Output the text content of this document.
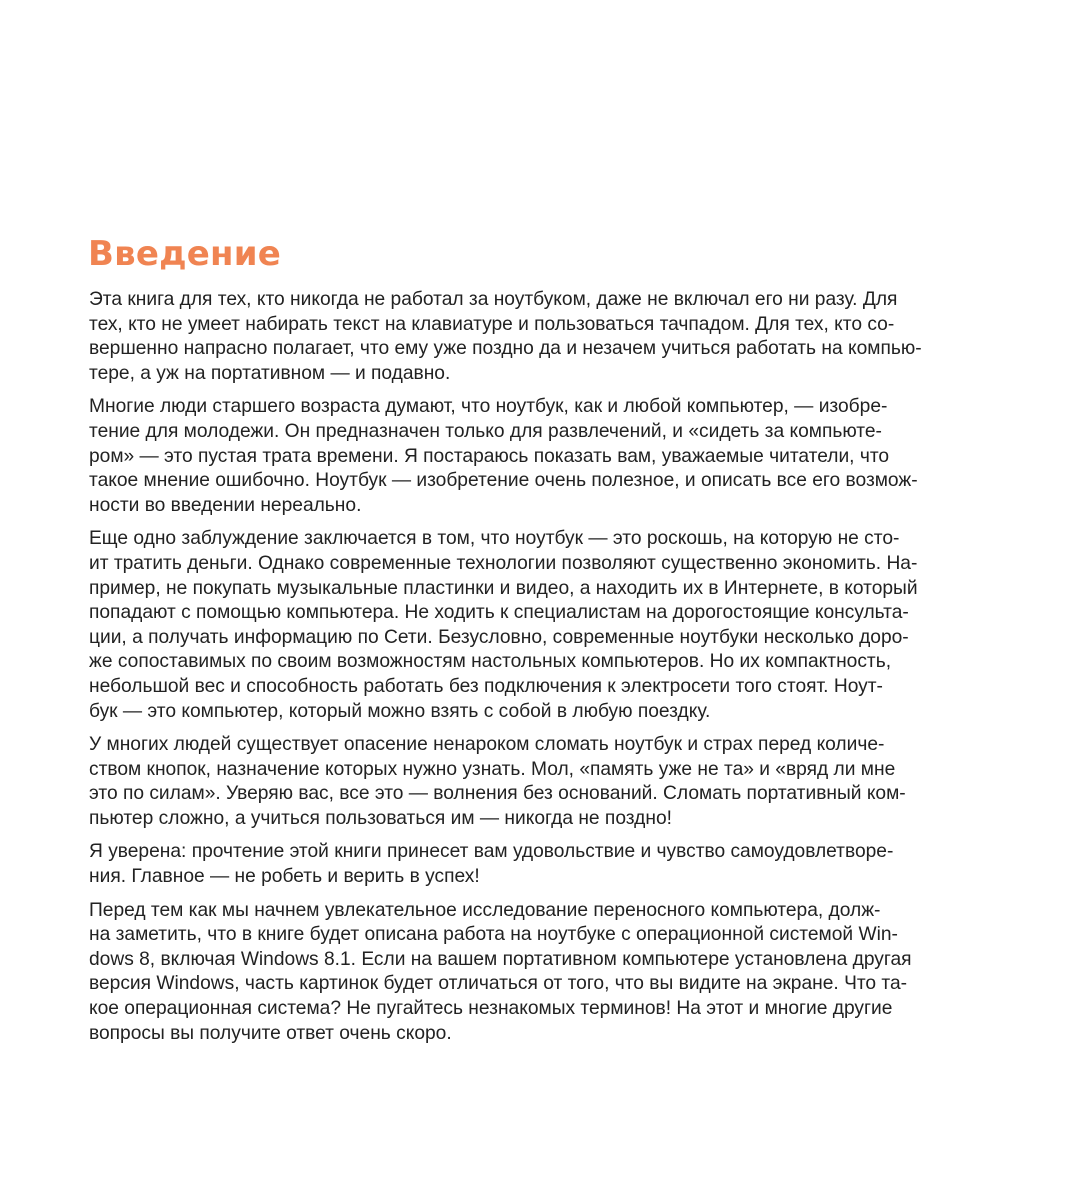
Введение

Эта книга для тех, кто никогда не работал за ноутбуком, даже не включал его ни разу. Для
тех, кто не умеет набирать текст на клавиатуре и пользоваться тачпадом. Для тех, кто со-
вершенно напрасно полагает, что ему уже поздно да и незачем учиться работать на компью-
тере, а уж на портативном — и подавно.

Многие люди старшего возраста думают, что ноутбук, как и любой компьютер, — изобре-
тение для молодежи. Он предназначен только для развлечений, и «сидеть за компьюте-
ром» — это пустая трата времени. Я постараюсь показать вам, уважаемые читатели, что
такое мнение ошибочно. Ноутбук — изобретение очень полезное, и описать все его возмож-
ности во введении нереально.

Еще одно заблуждение заключается в том, что ноутбук — это роскошь, на которую не сто-
ит тратить деньги. Однако современные технологии позволяют существенно экономить. На-
пример, не покупать музыкальные пластинки и видео, а находить их в Интернете, в который
попадают с помощью компьютера. Не ходить к специалистам на дорогостоящие консульта-
ции, а получать информацию по Сети. Безусловно, современные ноутбуки несколько доро-
же сопоставимых по своим возможностям настольных компьютеров. Но их компактность,
небольшой вес и способность работать без подключения к электросети того стоят. Ноут-
бук — это компьютер, который можно взять с собой в любую поездку.

У многих людей существует опасение ненароком сломать ноутбук и страх перед количе-
ством кнопок, назначение которых нужно узнать. Мол, «память уже не та» и «вряд ли мне
это по силам». Уверяю вас, все это — волнения без оснований. Сломать портативный ком-
пьютер сложно, а учиться пользоваться им — никогда не поздно!

Я уверена: прочтение этой книги принесет вам удовольствие и чувство самоудовлетворе-
ния. Главное — не робеть и верить в успех!

Перед тем как мы начнем увлекательное исследование переносного компьютера, долж-
на заметить, что в книге будет описана работа на ноутбуке с операционной системой Win-
dows 8, включая Windows 8.1. Если на вашем портативном компьютере установлена другая
версия Windows, часть картинок будет отличаться от того, что вы видите на экране. Что та-
кое операционная система? Не пугайтесь незнакомых терминов! На этот и многие другие
вопросы вы получите ответ очень скоро.
